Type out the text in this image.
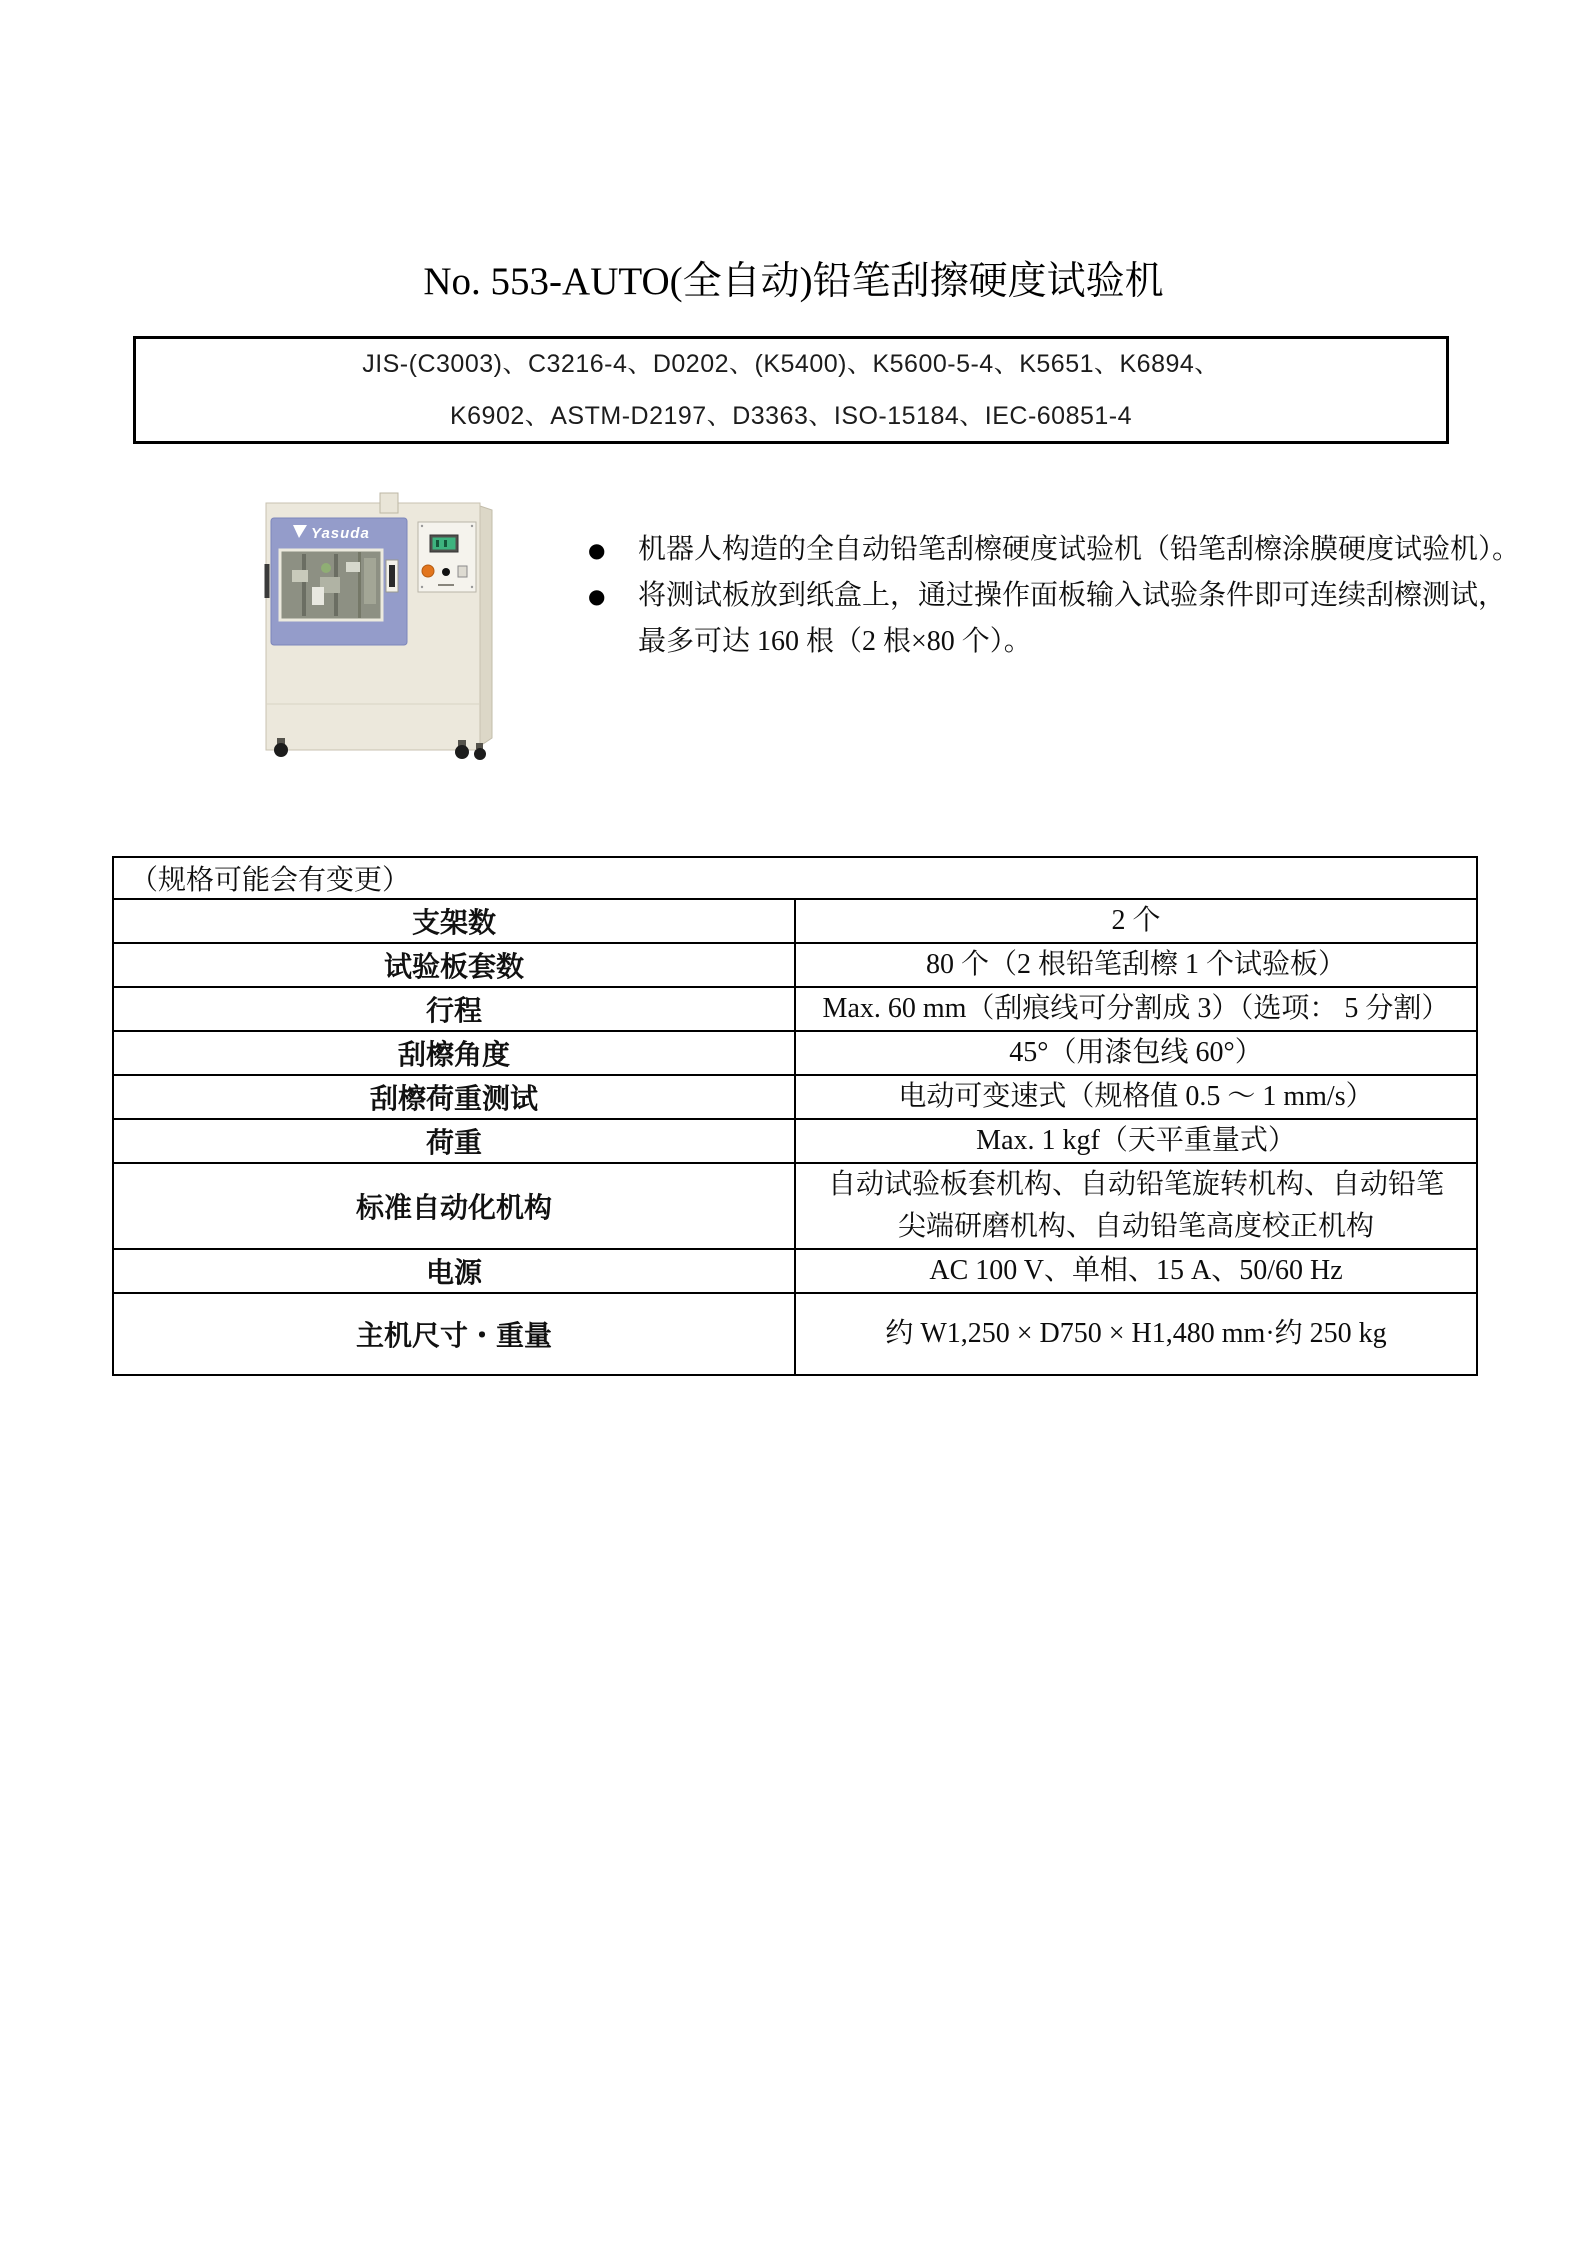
No. 553-AUTO(全自动)铅笔刮擦硬度试验机
JIS-(C3003)、C3216-4、D0202、(K5400)、K5600-5-4、K5651、K6894、
K6902、ASTM-D2197、D3363、ISO-15184、IEC-60851-4
Yasuda
●	机器人构造的全自动铅笔刮檫硬度试验机（铅笔刮檫涂膜硬度试验机）。
●	将测试板放到纸盒上，通过操作面板输入试验条件即可连续刮檫测试，
最多可达 160 根（2 根×80 个）。
（规格可能会有变更）	
支架数	2 个
试验板套数	80 个（2 根铅笔刮檫 1 个试验板）
行程	Max. 60 mm（刮痕线可分割成 3）（选项： 5 分割）
刮檫角度	45°（用漆包线 60°）
刮檫荷重测试	电动可变速式（规格值 0.5 ～ 1 mm/s）
荷重	Max. 1 kgf（天平重量式）
标准自动化机构	自动试验板套机构、自动铅笔旋转机构、自动铅笔尖端研磨机构、自动铅笔高度校正机构
电源	AC 100 V、单相、15 A、50/60 Hz
主机尺寸・重量	约 W1,250 × D750 × H1,480 mm·约 250 kg
